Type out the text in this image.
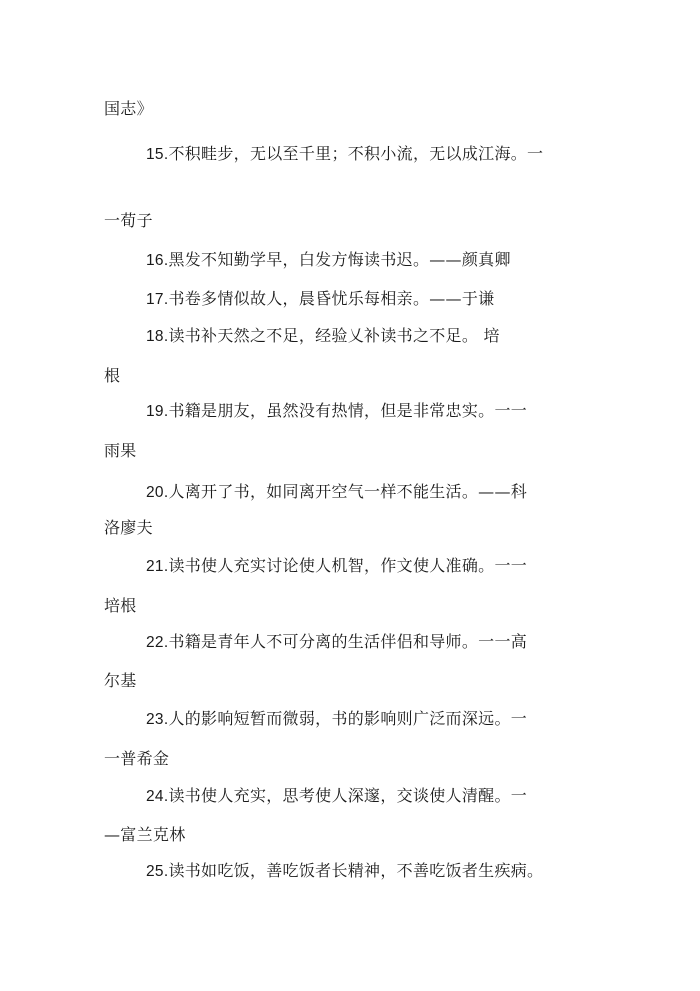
国志》
15.不积畦步，无以至千里；不积小流，无以成江海。一
一荀子
16.黑发不知勤学早，白发方悔读书迟。——颜真卿
17.书卷多情似故人，晨昏忧乐每相亲。——于谦
18.读书补天然之不足，经验乂补读书之不足。 培
根
19.书籍是朋友，虽然没有热情，但是非常忠实。一一
雨果
20.人离开了书，如同离开空气一样不能生活。——科
洛廖夫
21.读书使人充实讨论使人机智，作文使人准确。一一
培根
22.书籍是青年人不可分离的生活伴侣和导师。一一高
尔基
23.人的影响短暂而微弱，书的影响则广泛而深远。一
一普希金
24.读书使人充实，思考使人深邃，交谈使人清醒。一
—富兰克林
25.读书如吃饭，善吃饭者长精神，不善吃饭者生疾病。
